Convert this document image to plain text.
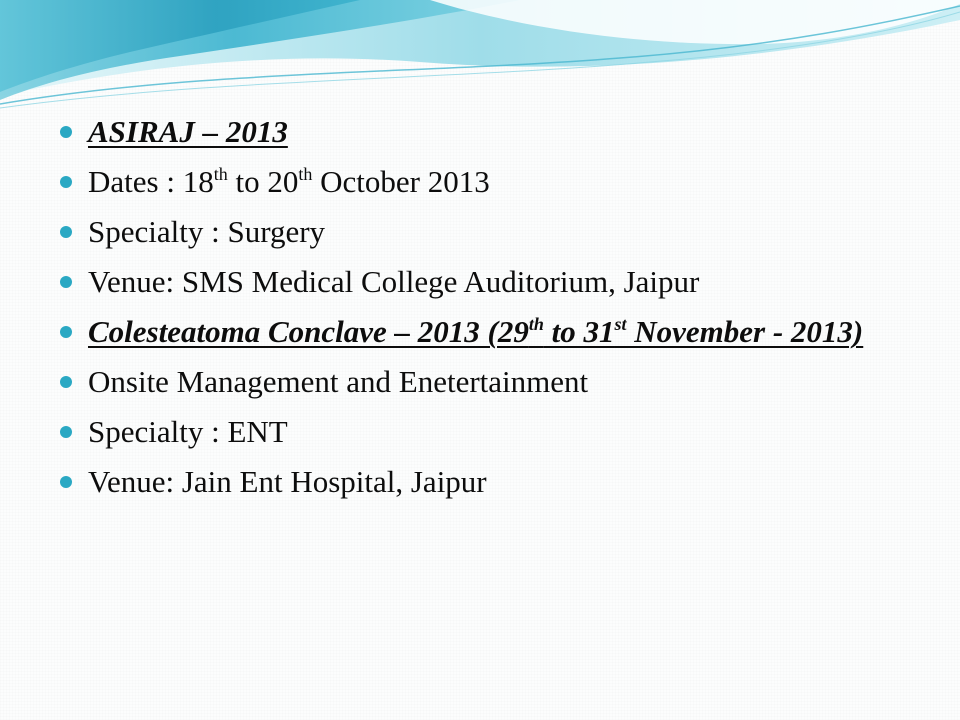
ASIRAJ – 2013
Dates : 18th to 20th October 2013
Specialty : Surgery
Venue: SMS Medical College Auditorium, Jaipur
Colesteatoma Conclave – 2013 (29th to 31st November - 2013)
Onsite Management and Enetertainment
Specialty : ENT
Venue: Jain Ent Hospital, Jaipur
